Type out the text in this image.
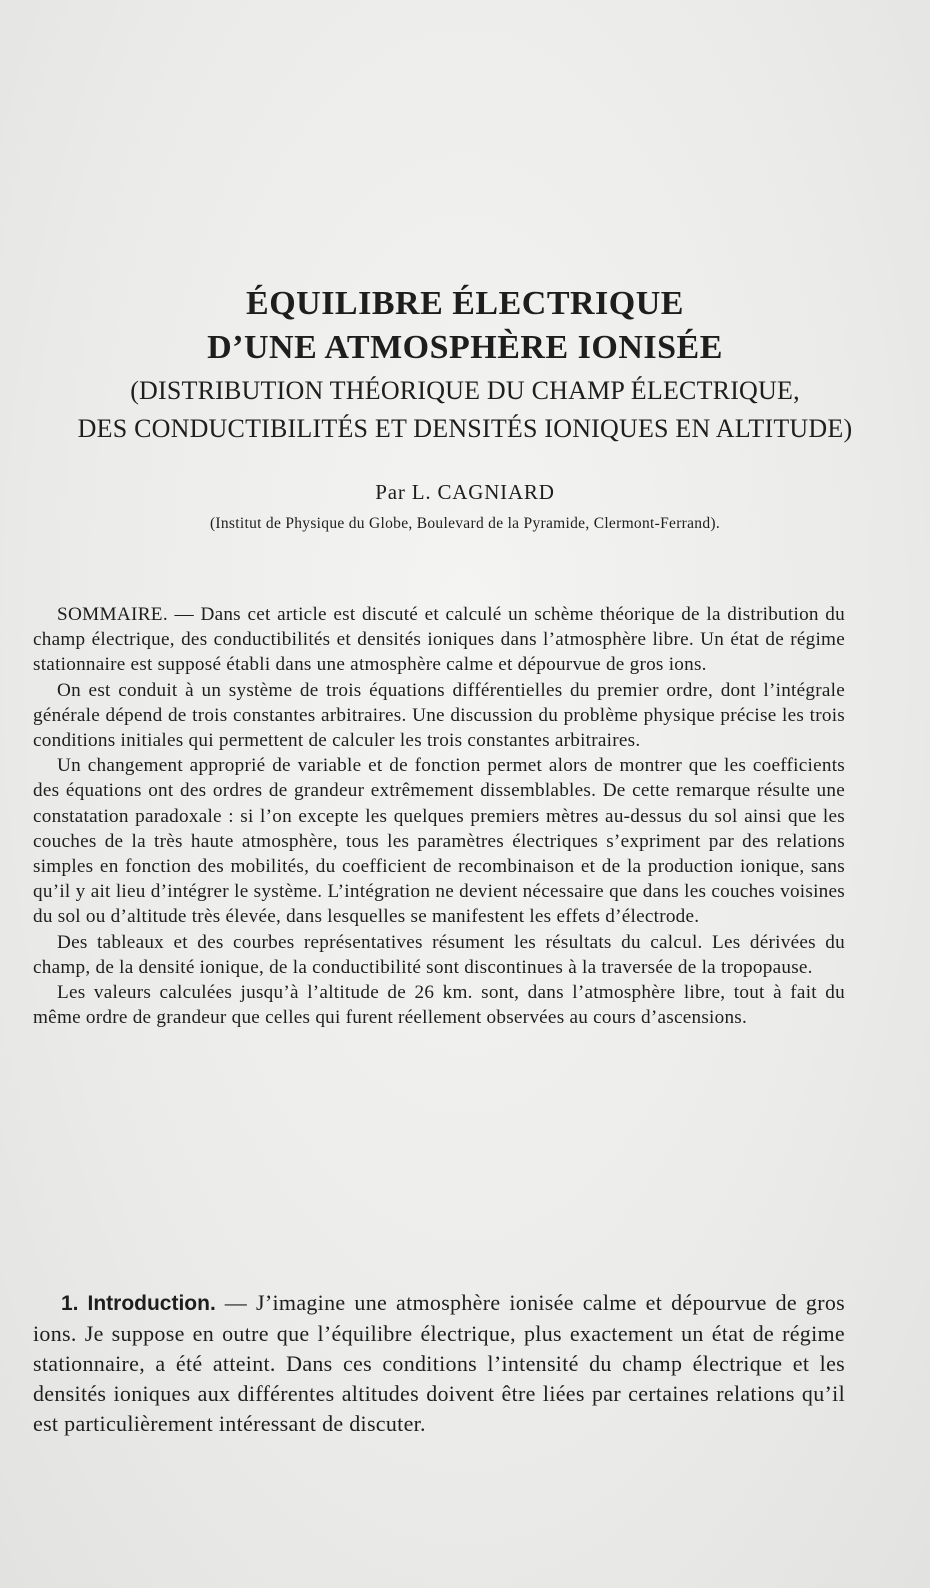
ÉQUILIBRE ÉLECTRIQUE
D’UNE ATMOSPHÈRE IONISÉE
(DISTRIBUTION THÉORIQUE DU CHAMP ÉLECTRIQUE,
DES CONDUCTIBILITÉS ET DENSITÉS IONIQUES EN ALTITUDE)
Par L. CAGNIARD
(Institut de Physique du Globe, Boulevard de la Pyramide, Clermont-Ferrand).

SOMMAIRE. — Dans cet article est discuté et calculé un schème théorique de la distribution du champ électrique, des conductibilités et densités ioniques dans l’atmosphère libre. Un état de régime stationnaire est supposé établi dans une atmosphère calme et dépourvue de gros ions.

On est conduit à un système de trois équations différentielles du premier ordre, dont l’intégrale générale dépend de trois constantes arbitraires. Une discussion du problème physique précise les trois conditions initiales qui permettent de calculer les trois constantes arbitraires.

Un changement approprié de variable et de fonction permet alors de montrer que les coefficients des équations ont des ordres de grandeur extrêmement dissemblables. De cette remarque résulte une constatation paradoxale : si l’on excepte les quelques premiers mètres au-dessus du sol ainsi que les couches de la très haute atmosphère, tous les paramètres électriques s’expriment par des relations simples en fonction des mobilités, du coefficient de recombinaison et de la production ionique, sans qu’il y ait lieu d’intégrer le système. L’intégration ne devient nécessaire que dans les couches voisines du sol ou d’altitude très élevée, dans lesquelles se manifestent les effets d’électrode.

Des tableaux et des courbes représentatives résument les résultats du calcul. Les dérivées du champ, de la densité ionique, de la conductibilité sont discontinues à la traversée de la tropopause.

Les valeurs calculées jusqu’à l’altitude de 26 km. sont, dans l’atmosphère libre, tout à fait du même ordre de grandeur que celles qui furent réellement observées au cours d’ascensions.

1. Introduction. — J’imagine une atmosphère ionisée calme et dépourvue de gros ions. Je suppose en outre que l’équilibre électrique, plus exactement un état de régime stationnaire, a été atteint. Dans ces conditions l’intensité du champ électrique et les densités ioniques aux différentes altitudes doivent être liées par certaines relations qu’il est particulièrement intéressant de discuter.
